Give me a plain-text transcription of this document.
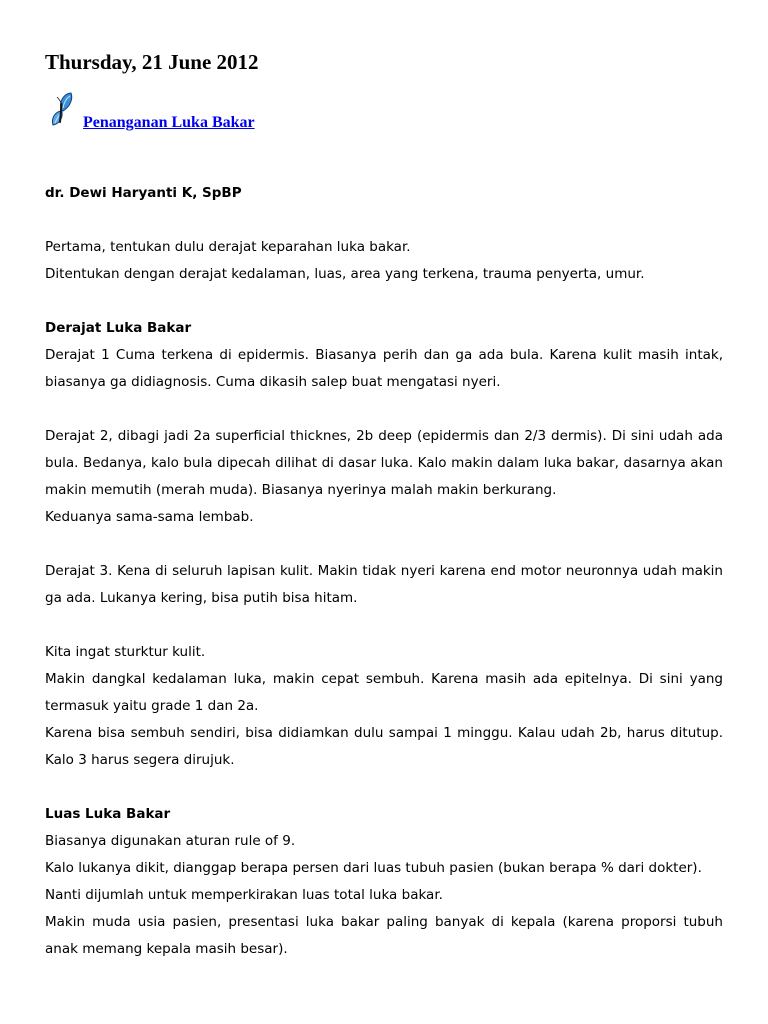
Thursday, 21 June 2012
Penanganan Luka Bakar

dr. Dewi Haryanti K, SpBP

Pertama, tentukan dulu derajat keparahan luka bakar.

Ditentukan dengan derajat kedalaman, luas, area yang terkena, trauma penyerta, umur.

Derajat Luka Bakar

Derajat 1 Cuma terkena di epidermis. Biasanya perih dan ga ada bula. Karena kulit masih intak, biasanya ga didiagnosis. Cuma dikasih salep buat mengatasi nyeri.

Derajat 2, dibagi jadi 2a superficial thicknes, 2b deep (epidermis dan 2/3 dermis). Di sini udah ada bula. Bedanya, kalo bula dipecah dilihat di dasar luka. Kalo makin dalam luka bakar, dasarnya akan makin memutih (merah muda). Biasanya nyerinya malah makin berkurang.

Keduanya sama-sama lembab.

Derajat 3. Kena di seluruh lapisan kulit. Makin tidak nyeri karena end motor neuronnya udah makin ga ada. Lukanya kering, bisa putih bisa hitam.

Kita ingat sturktur kulit.

Makin dangkal kedalaman luka, makin cepat sembuh. Karena masih ada epitelnya. Di sini yang termasuk yaitu grade 1 dan 2a.

Karena bisa sembuh sendiri, bisa didiamkan dulu sampai 1 minggu. Kalau udah 2b, harus ditutup. Kalo 3 harus segera dirujuk.

Luas Luka Bakar

Biasanya digunakan aturan rule of 9.

Kalo lukanya dikit, dianggap berapa persen dari luas tubuh pasien (bukan berapa % dari dokter).

Nanti dijumlah untuk memperkirakan luas total luka bakar.

Makin muda usia pasien, presentasi luka bakar paling banyak di kepala (karena proporsi tubuh anak memang kepala masih besar).
